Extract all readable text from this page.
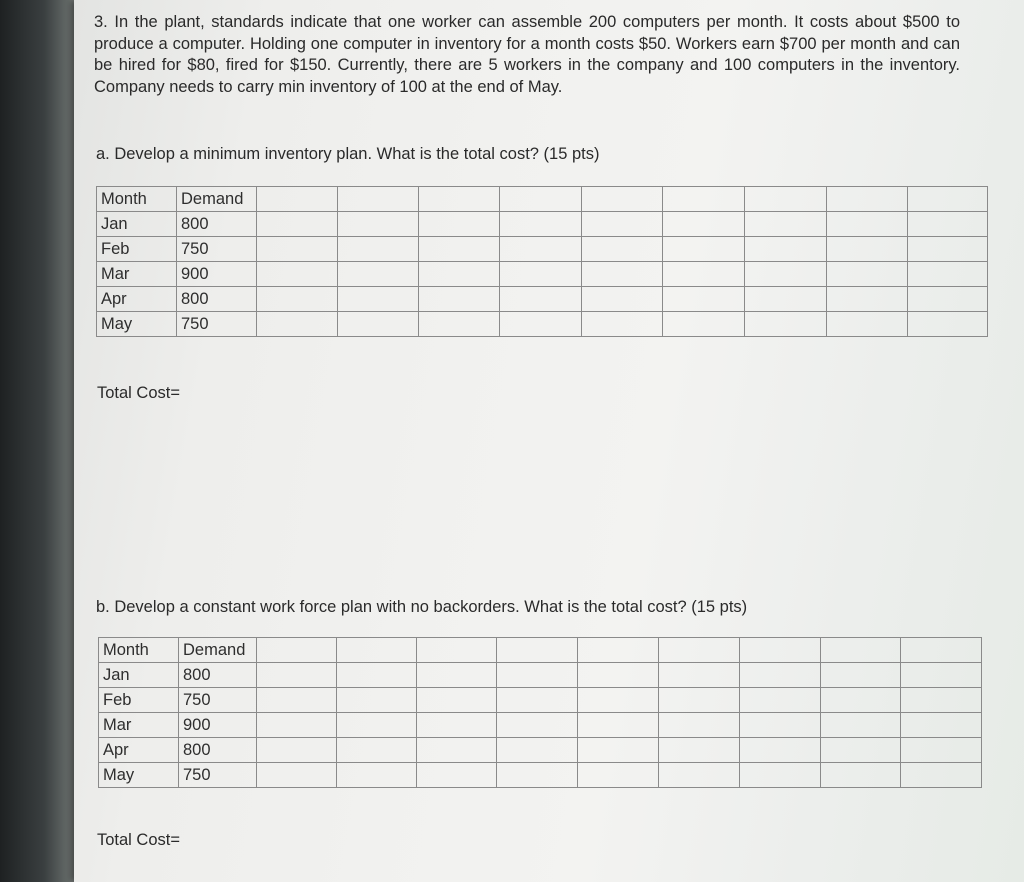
3. In the plant, standards indicate that one worker can assemble 200 computers per month. It costs about $500 to produce a computer. Holding one computer in inventory for a month costs $50. Workers earn $700 per month and can be hired for $80, fired for $150. Currently, there are 5 workers in the company and 100 computers in the inventory. Company needs to carry min inventory of 100 at the end of May.
a. Develop a minimum inventory plan. What is the total cost? (15 pts)
Month	Demand									
Jan	800									
Feb	750									
Mar	900									
Apr	800									
May	750									
Total Cost=
b. Develop a constant work force plan with no backorders. What is the total cost? (15 pts)
Month	Demand									
Jan	800									
Feb	750									
Mar	900									
Apr	800									
May	750									
Total Cost=
